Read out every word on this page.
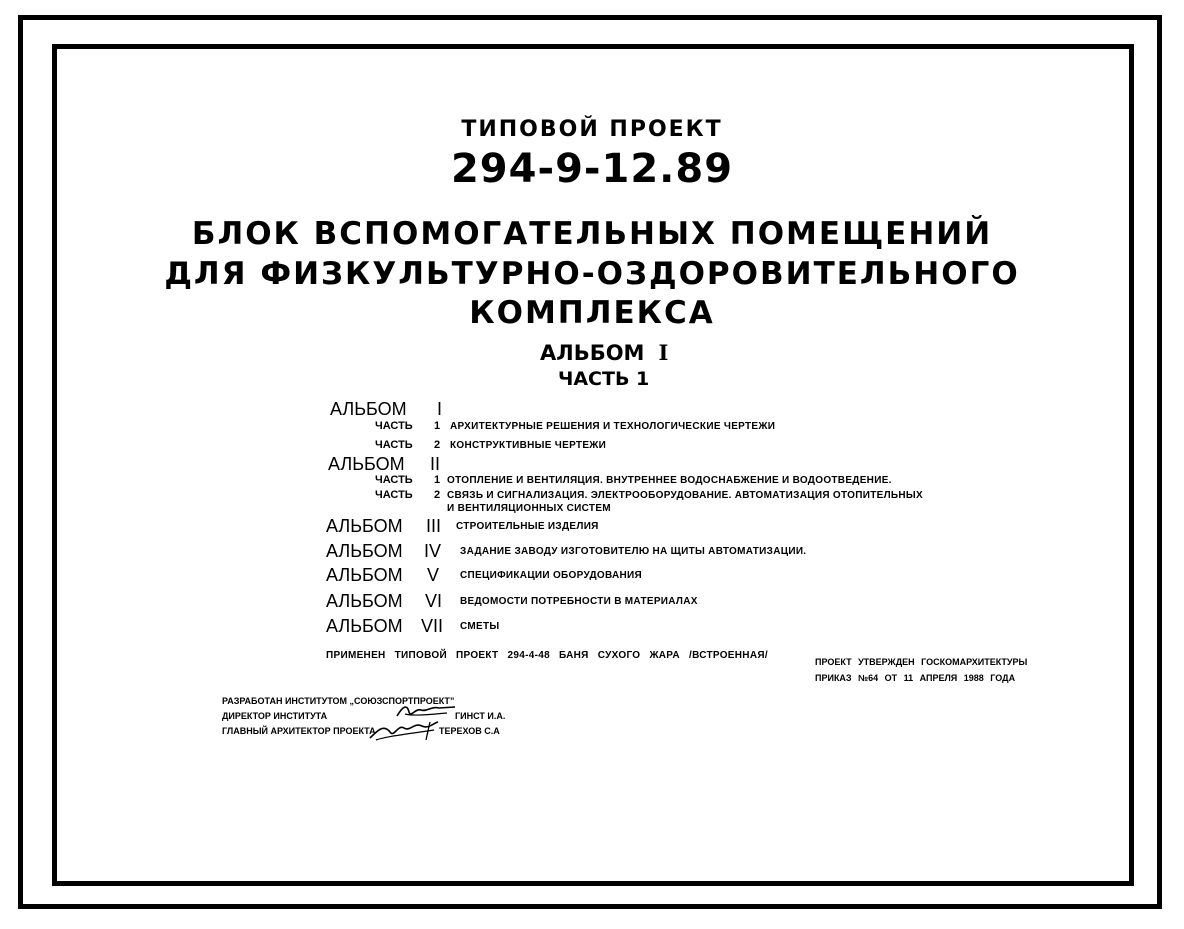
ТИПОВОЙ ПРОЕКТ
294-9-12.89
БЛОК ВСПОМОГАТЕЛЬНЫХ ПОМЕЩЕНИЙ
ДЛЯ ФИЗКУЛЬТУРНО-ОЗДОРОВИТЕЛЬНОГО
КОМПЛЕКСА
АЛЬБОМ I
ЧАСТЬ 1
АЛЬБОМ I
ЧАСТЬ 1 АРХИТЕКТУРНЫЕ РЕШЕНИЯ И ТЕХНОЛОГИЧЕСКИЕ ЧЕРТЕЖИ
ЧАСТЬ 2 КОНСТРУКТИВНЫЕ ЧЕРТЕЖИ
АЛЬБОМ II
ЧАСТЬ 1 ОТОПЛЕНИЕ И ВЕНТИЛЯЦИЯ. ВНУТРЕННЕЕ ВОДОСНАБЖЕНИЕ И ВОДООТВЕДЕНИЕ.
ЧАСТЬ 2 СВЯЗЬ И СИГНАЛИЗАЦИЯ. ЭЛЕКТРООБОРУДОВАНИЕ. АВТОМАТИЗАЦИЯ ОТОПИТЕЛЬНЫХ
И ВЕНТИЛЯЦИОННЫХ СИСТЕМ
АЛЬБОМ III СТРОИТЕЛЬНЫЕ ИЗДЕЛИЯ
АЛЬБОМ IV ЗАДАНИЕ ЗАВОДУ ИЗГОТОВИТЕЛЮ НА ЩИТЫ АВТОМАТИЗАЦИИ.
АЛЬБОМ V СПЕЦИФИКАЦИИ ОБОРУДОВАНИЯ
АЛЬБОМ VI ВЕДОМОСТИ ПОТРЕБНОСТИ В МАТЕРИАЛАХ
АЛЬБОМ VII СМЕТЫ
ПРИМЕНЕН ТИПОВОЙ ПРОЕКТ 294-4-48 БАНЯ СУХОГО ЖАРА /ВСТРОЕННАЯ/
ПРОЕКТ УТВЕРЖДЕН ГОСКОМАРХИТЕКТУРЫ
ПРИКАЗ №64 ОТ 11 АПРЕЛЯ 1988 ГОДА
РАЗРАБОТАН ИНСТИТУТОМ „СОЮЗСПОРТПРОЕКТ”
ДИРЕКТОР ИНСТИТУТА	ГИНСТ И.А.
ГЛАВНЫЙ АРХИТЕКТОР ПРОЕКТА	ТЕРЕХОВ С.А
